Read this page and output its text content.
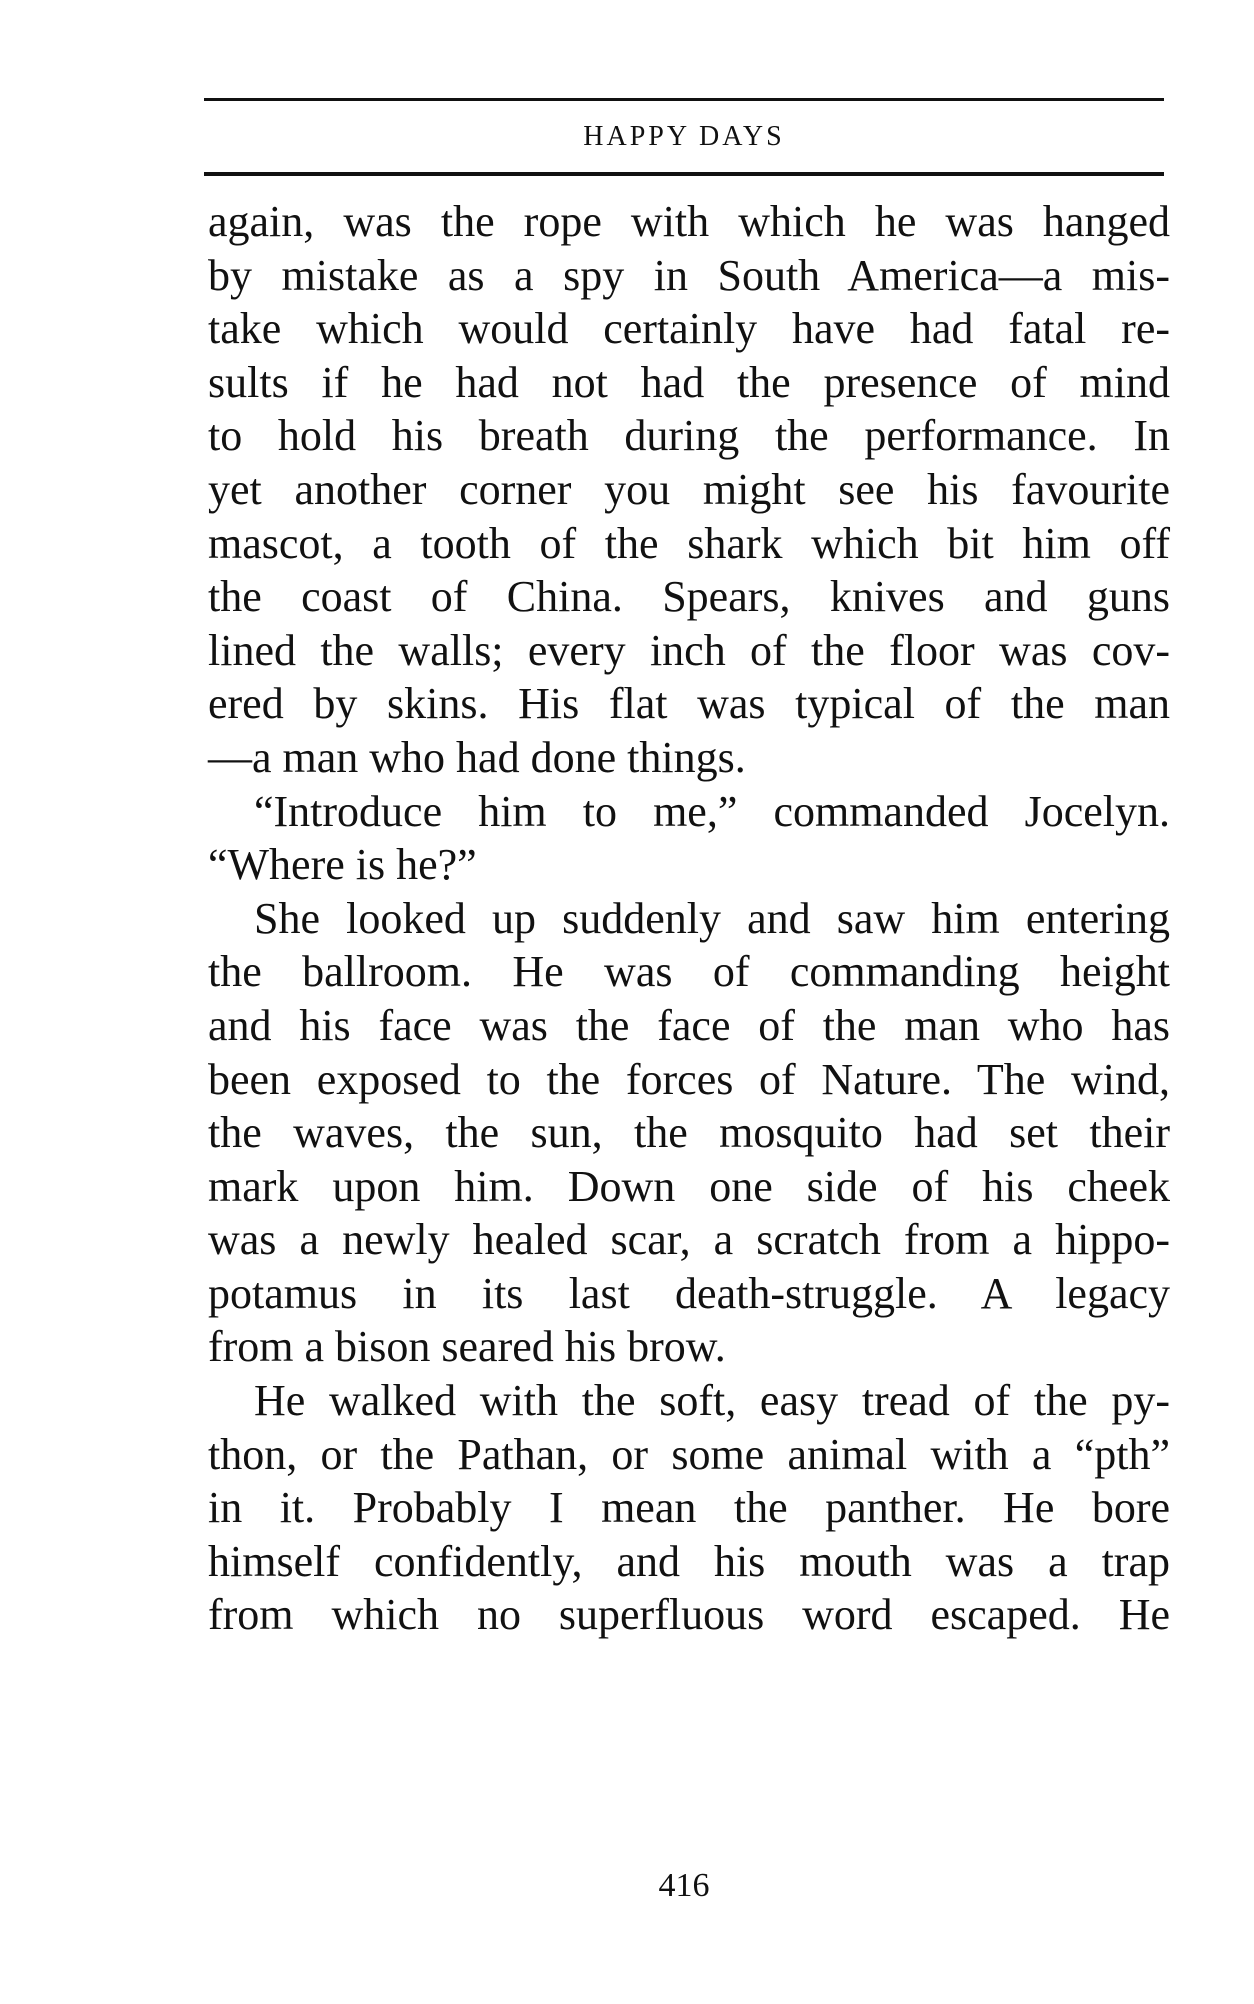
HAPPY DAYS
again, was the rope with which he was hanged
by mistake as a spy in South America—a mis-
take which would certainly have had fatal re-
sults if he had not had the presence of mind
to hold his breath during the performance. In
yet another corner you might see his favourite
mascot, a tooth of the shark which bit him off
the coast of China. Spears, knives and guns
lined the walls; every inch of the floor was cov-
ered by skins. His flat was typical of the man
—a man who had done things.
“Introduce him to me,” commanded Jocelyn.
“Where is he?”
She looked up suddenly and saw him entering
the ballroom. He was of commanding height
and his face was the face of the man who has
been exposed to the forces of Nature. The wind,
the waves, the sun, the mosquito had set their
mark upon him. Down one side of his cheek
was a newly healed scar, a scratch from a hippo-
potamus in its last death-struggle. A legacy
from a bison seared his brow.
He walked with the soft, easy tread of the py-
thon, or the Pathan, or some animal with a “pth”
in it. Probably I mean the panther. He bore
himself confidently, and his mouth was a trap
from which no superfluous word escaped. He
416
